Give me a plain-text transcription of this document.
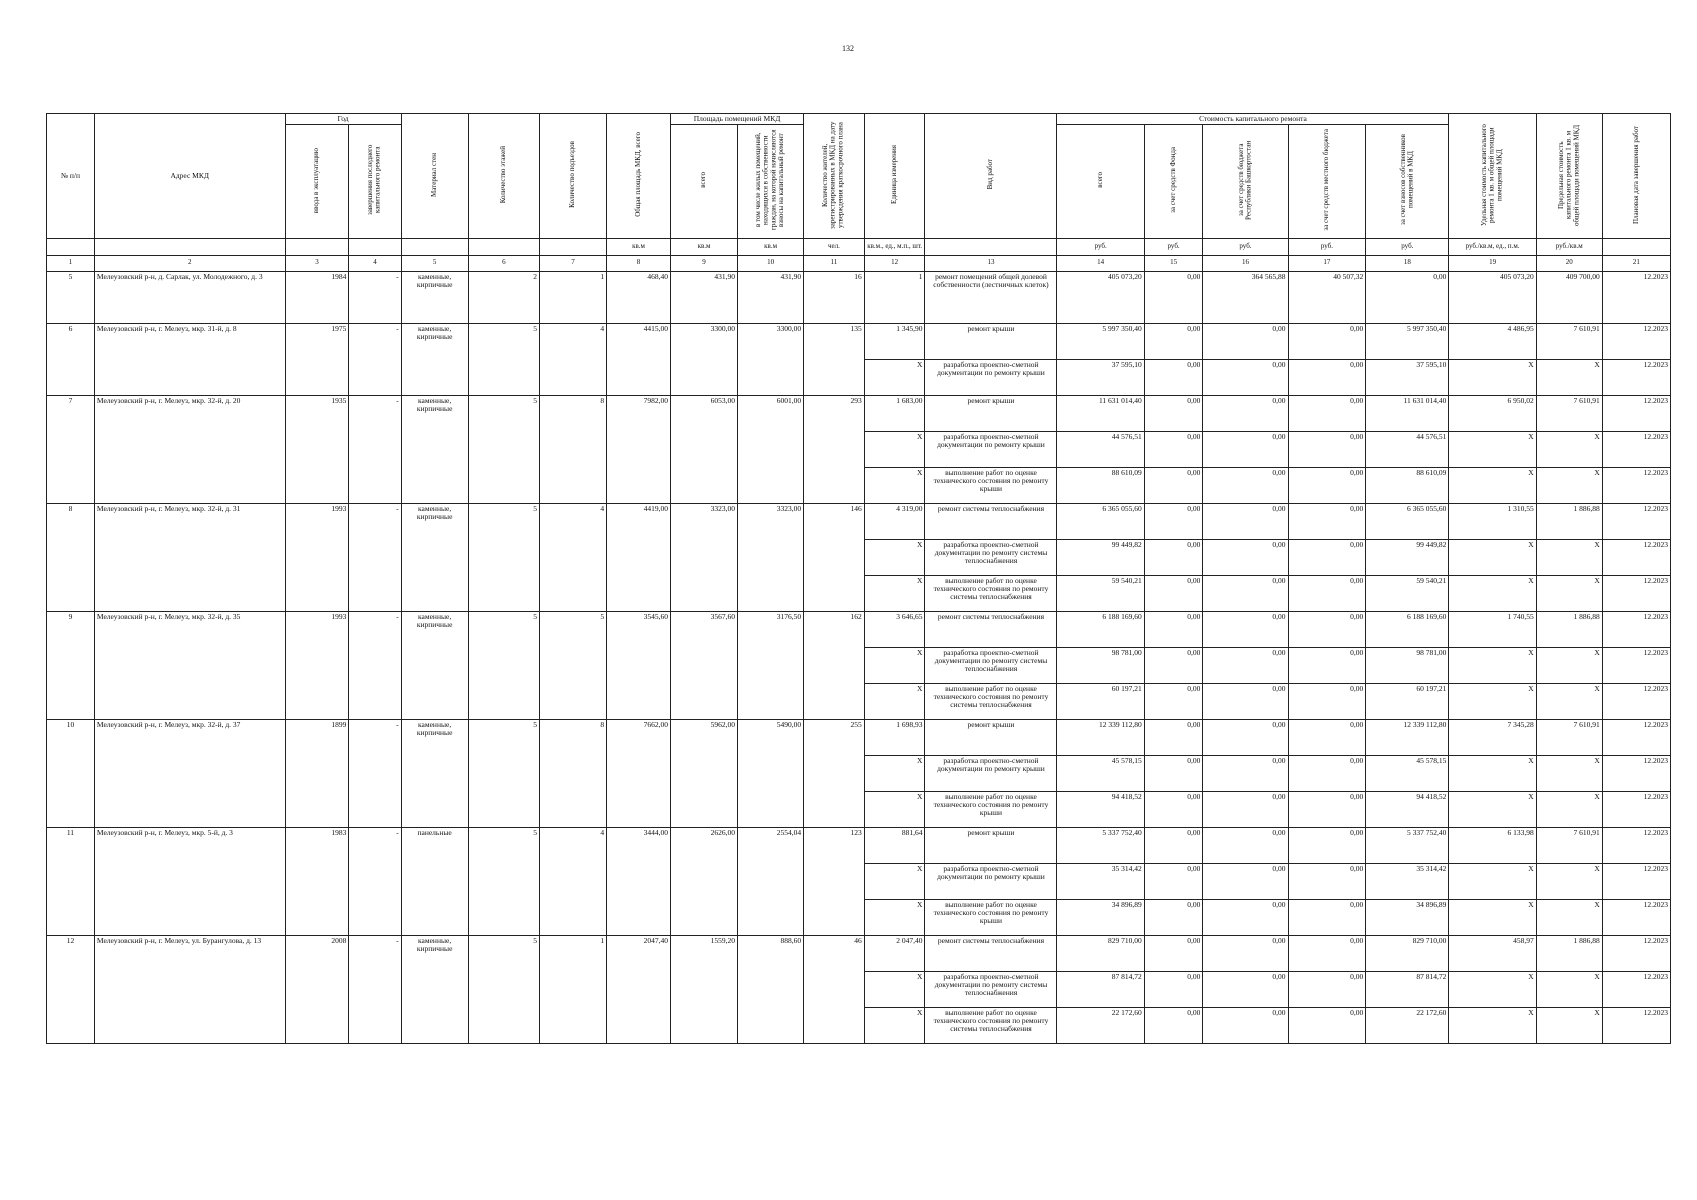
132
№ п/п	Адрес МКД	Год		Материал стен	Количество этажей	Количество подъездов	Общая площадь МКД, всего	Площадь помещений МКД		Количество жителей, зарегистрированных в МКД на дату утверждения краткосрочного плана	Единица измерения	Вид работ	Стоимость капитального ремонта					Удельная стоимость капитального ремонта 1 кв. м общей площади помещений МКД	Предельная стоимость капитального ремонта 1 кв. м общей площади помещений МКД	Плановая дата завершения работ
		ввода в эксплуатацию	завершения последнего капитального ремонта					всего	в том числе жилых помещений, находящихся в собственности граждан, на которой начисляются взносы на капитальный ремонт				всего	за счет средств Фонда	за счет средств бюджета Республики Башкортостан	за счет средств местного бюджета	за счет взносов собственников помещений в МКД			
							кв.м	кв.м	кв.м	чел.	кв.м., ед., м.п., шт.		руб.	руб.	руб.	руб.	руб.	руб./кв.м, ед., п.м.	руб./кв.м	
1	2	3	4	5	6	7	8	9	10	11	12	13	14	15	16	17	18	19	20	21
5	Мелеузовский р-н, д. Сарлак, ул. Молодежного, д. 3	1984	-	каменные, кирпичные	2	1	468,40	431,90	431,90	16	1	ремонт помещений общей долевой собственности (лестничных клеток)	405 073,20	0,00	364 565,88	40 507,32	0,00	405 073,20	409 700,00	12.2023
6	Мелеузовский р-н, г. Мелеуз, мкр. 31-й, д. 8	1975	-	каменные, кирпичные	5	4	4415,00	3300,00	3300,00	135	1 345,90	ремонт крыши	5 997 350,40	0,00	0,00	0,00	5 997 350,40	4 486,95	7 610,91	12.2023
											X	разработка проектно-сметной документации по ремонту крыши	37 595,10	0,00	0,00	0,00	37 595,10	X	X	12.2023
7	Мелеузовский р-н, г. Мелеуз, мкр. 32-й, д. 20	1935	-	каменные, кирпичные	5	8	7982,00	6053,00	6001,00	293	1 683,00	ремонт крыши	11 631 014,40	0,00	0,00	0,00	11 631 014,40	6 950,02	7 610,91	12.2023
											X	разработка проектно-сметной документации по ремонту крыши	44 576,51	0,00	0,00	0,00	44 576,51	X	X	12.2023
											X	выполнение работ по оценке технического состояния по ремонту крыши	88 610,09	0,00	0,00	0,00	88 610,09	X	X	12.2023
8	Мелеузовский р-н, г. Мелеуз, мкр. 32-й, д. 31	1993	-	каменные, кирпичные	5	4	4419,00	3323,00	3323,00	146	4 319,00	ремонт системы теплоснабжения	6 365 055,60	0,00	0,00	0,00	6 365 055,60	1 310,55	1 886,88	12.2023
											X	разработка проектно-сметной документации по ремонту системы теплоснабжения	99 449,82	0,00	0,00	0,00	99 449,82	X	X	12.2023
											X	выполнение работ по оценке технического состояния по ремонту системы теплоснабжения	59 540,21	0,00	0,00	0,00	59 540,21	X	X	12.2023
9	Мелеузовский р-н, г. Мелеуз, мкр. 32-й, д. 35	1993	-	каменные, кирпичные	5	5	3545,60	3567,60	3176,50	162	3 646,65	ремонт системы теплоснабжения	6 188 169,60	0,00	0,00	0,00	6 188 169,60	1 740,55	1 886,88	12.2023
											X	разработка проектно-сметной документации по ремонту системы теплоснабжения	98 781,00	0,00	0,00	0,00	98 781,00	X	X	12.2023
											X	выполнение работ по оценке технического состояния по ремонту системы теплоснабжения	60 197,21	0,00	0,00	0,00	60 197,21	X	X	12.2023
10	Мелеузовский р-н, г. Мелеуз, мкр. 32-й, д. 37	1899	-	каменные, кирпичные	5	8	7662,00	5962,00	5490,00	255	1 698,93	ремонт крыши	12 339 112,80	0,00	0,00	0,00	12 339 112,80	7 345,28	7 610,91	12.2023
											X	разработка проектно-сметной документации по ремонту крыши	45 578,15	0,00	0,00	0,00	45 578,15	X	X	12.2023
											X	выполнение работ по оценке технического состояния по ремонту крыши	94 418,52	0,00	0,00	0,00	94 418,52	X	X	12.2023
11	Мелеузовский р-н, г. Мелеуз, мкр. 5-й, д. 3	1983	-	панельные	5	4	3444,00	2626,00	2554,04	123	881,64	ремонт крыши	5 337 752,40	0,00	0,00	0,00	5 337 752,40	6 133,98	7 610,91	12.2023
											X	разработка проектно-сметной документации по ремонту крыши	35 314,42	0,00	0,00	0,00	35 314,42	X	X	12.2023
											X	выполнение работ по оценке технического состояния по ремонту крыши	34 896,89	0,00	0,00	0,00	34 896,89	X	X	12.2023
12	Мелеузовский р-н, г. Мелеуз, ул. Бурангулова, д. 13	2008	-	каменные, кирпичные	5	1	2047,40	1559,20	888,60	46	2 047,40	ремонт системы теплоснабжения	829 710,00	0,00	0,00	0,00	829 710,00	458,97	1 886,88	12.2023
											X	разработка проектно-сметной документации по ремонту системы теплоснабжения	87 814,72	0,00	0,00	0,00	87 814,72	X	X	12.2023
											X	выполнение работ по оценке технического состояния по ремонту системы теплоснабжения	22 172,60	0,00	0,00	0,00	22 172,60	X	X	12.2023
